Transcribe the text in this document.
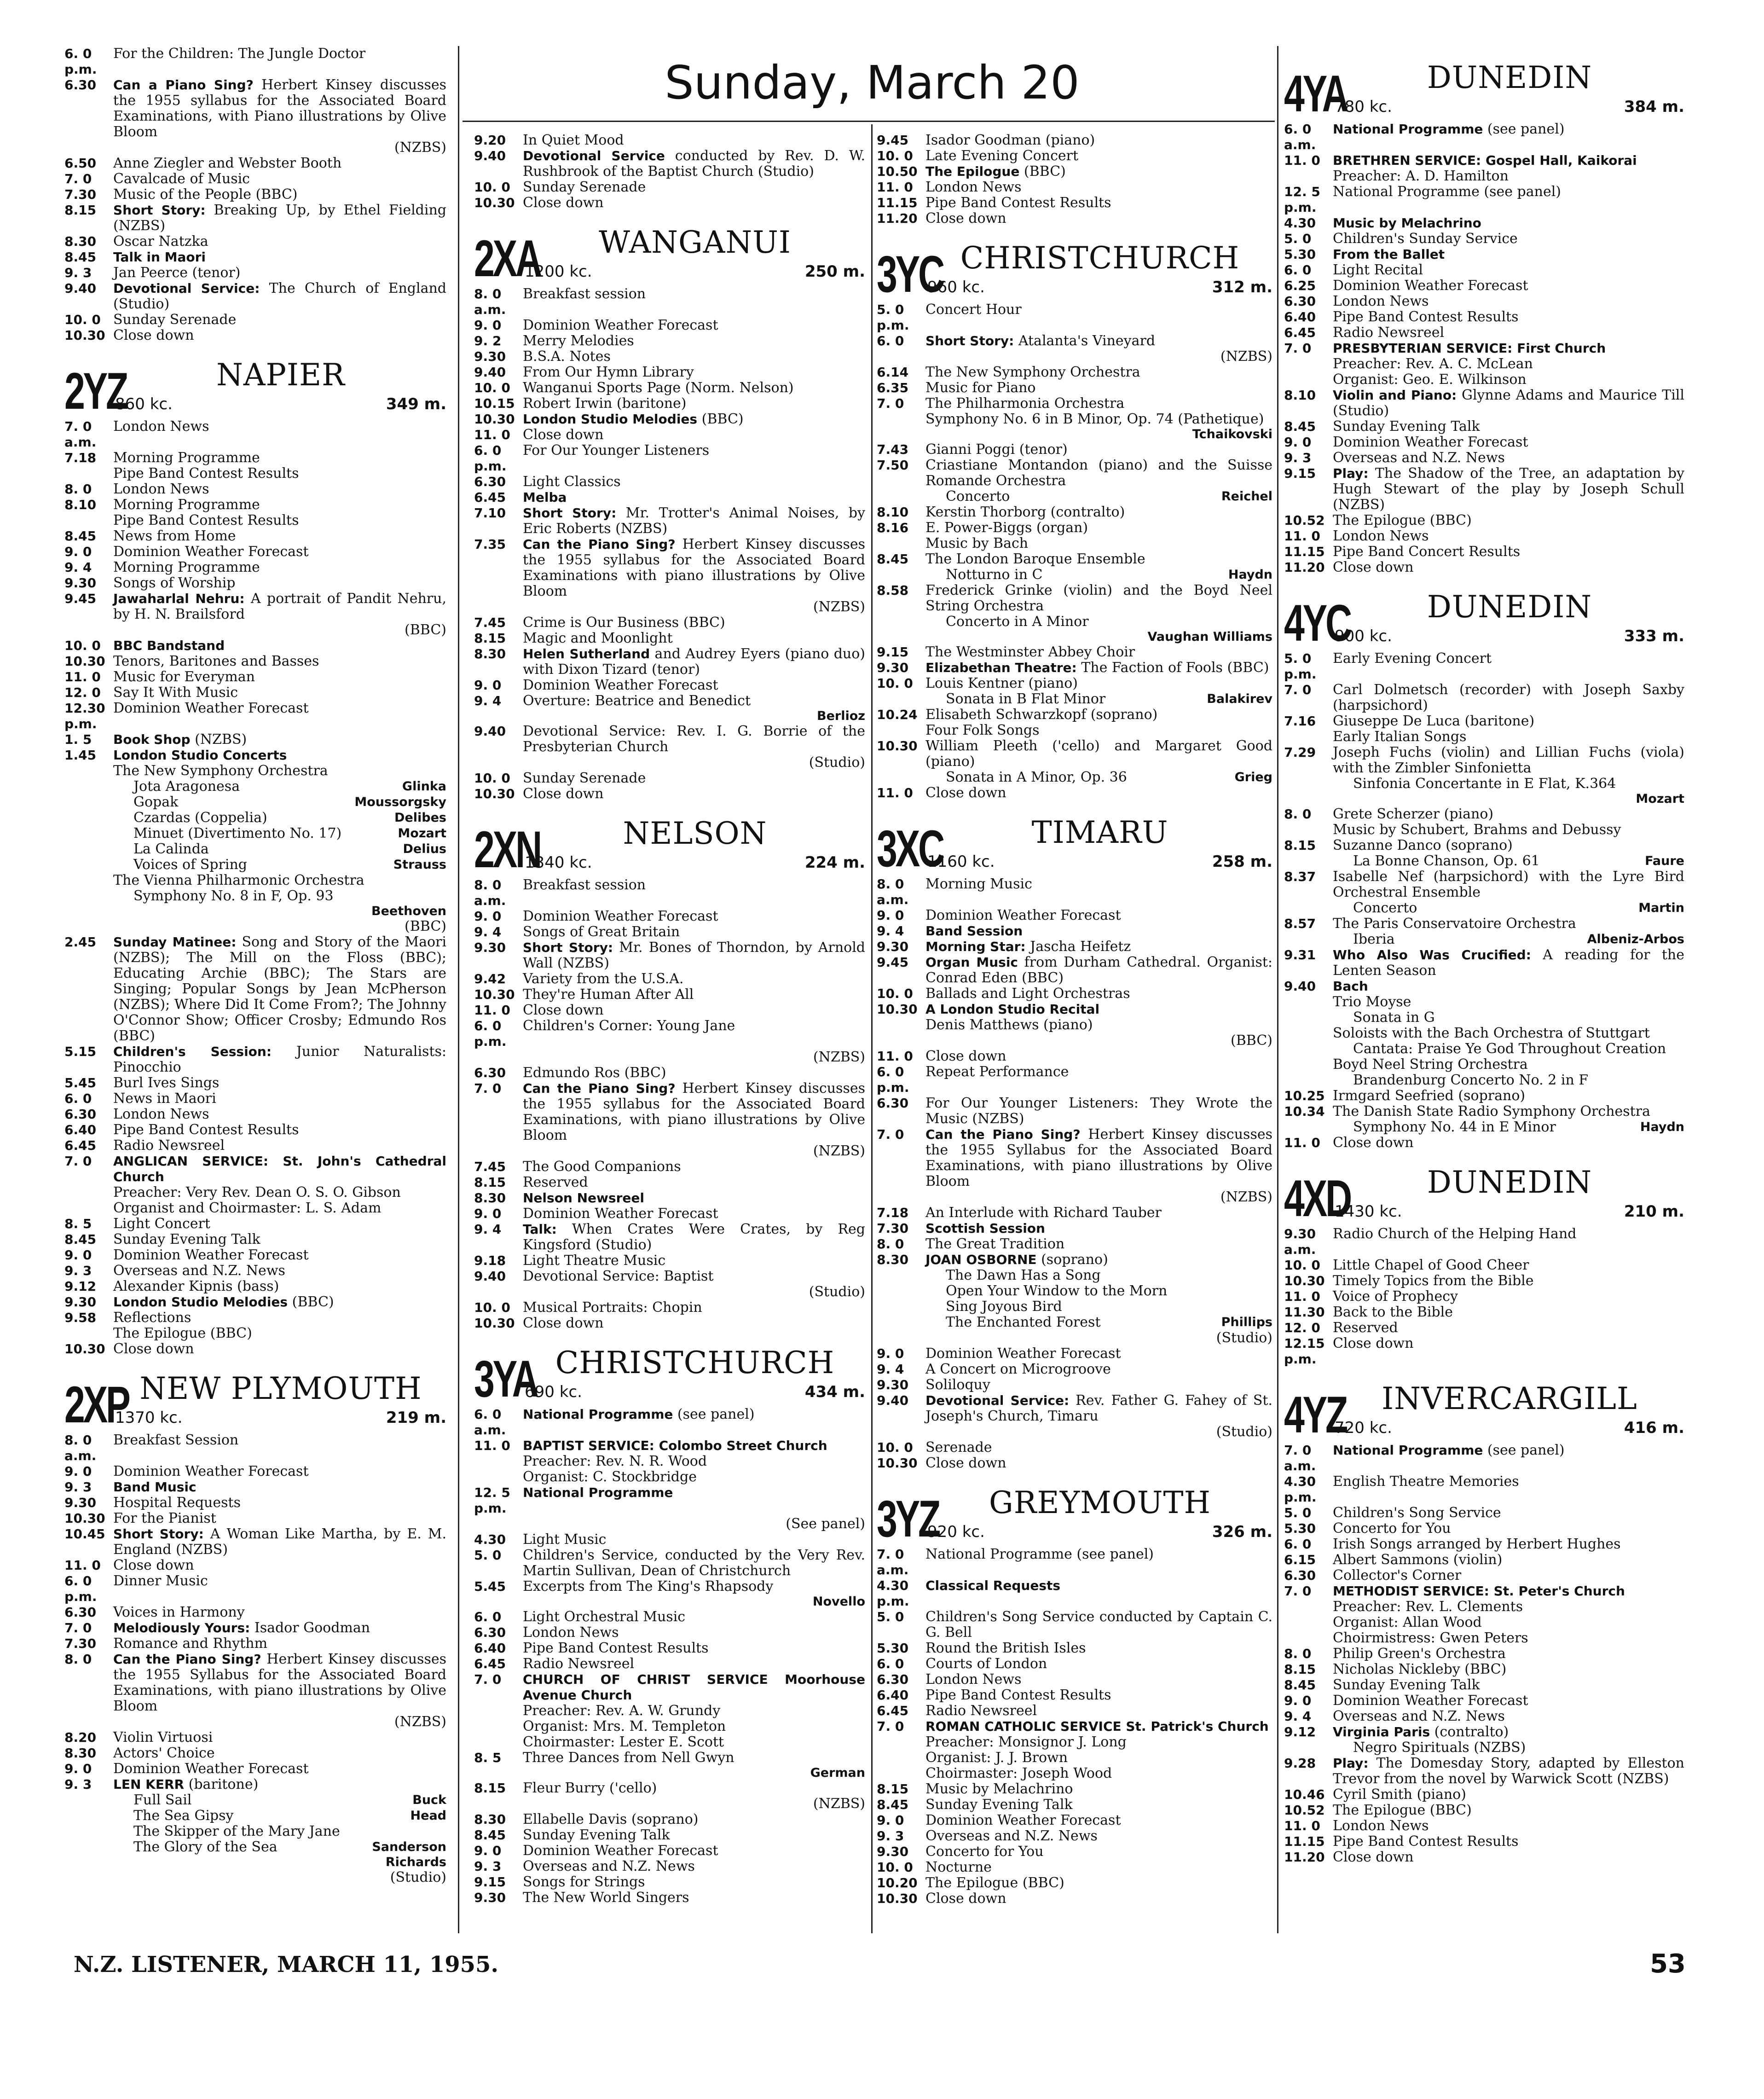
Sunday, March 20
6. 0 p.m.
For the Children: The Jungle Doctor
6.30	Can a Piano Sing? Herbert Kinsey discusses the 1955 syllabus for the Associated Board Examinations, with Piano illustrations by Olive Bloom
(NZBS)
6.50	Anne Ziegler and Webster Booth
7. 0	Cavalcade of Music
7.30	Music of the People (BBC)
8.15	Short Story: Breaking Up, by Ethel Fielding (NZBS)
8.30	Oscar Natzka
8.45	Talk in Maori
9. 3	Jan Peerce (tenor)
9.40	Devotional Service: The Church of England (Studio)
10. 0 Sunday Serenade
10.30 Close down
2YZ	NAPIER
860 kc.	349 m.
7. 0 a.m.
London News
7.18	Morning Programme
Pipe Band Contest Results
8. 0	London News
8.10	Morning Programme
Pipe Band Contest Results
8.45	News from Home
9. 0	Dominion Weather Forecast
9. 4	Morning Programme
9.30	Songs of Worship
9.45	Jawaharlal Nehru: A portrait of Pandit Nehru, by H. N. Brailsford
(BBC)
10. 0 BBC Bandstand
10.30 Tenors, Baritones and Basses
11. 0 Music for Everyman
12. 0 Say It With Music
12.30 p.m.
Dominion Weather Forecast
1. 5	Book Shop (NZBS)
1.45	London Studio Concerts
The New Symphony Orchestra
Jota Aragonesa	Glinka
Gopak	Moussorgsky
Czardas (Coppelia)	Delibes
Minuet (Divertimento No. 17)	Mozart
La Calinda	Delius
Voices of Spring	Strauss
The Vienna Philharmonic Orchestra
Symphony No. 8 in F, Op. 93
Beethoven
(BBC)
2.45	Sunday Matinee: Song and Story of the Maori (NZBS); The Mill on the Floss (BBC); Educating Archie (BBC); The Stars are Singing; Popular Songs by Jean McPherson (NZBS); Where Did It Come From?; The Johnny O'Connor Show; Officer Crosby; Edmundo Ros (BBC)
5.15	Children's Session: Junior Naturalists: Pinocchio
5.45	Burl Ives Sings
6. 0	News in Maori
6.30	London News
6.40	Pipe Band Contest Results
6.45	Radio Newsreel
7. 0	ANGLICAN SERVICE: St. John's Cathedral Church
Preacher: Very Rev. Dean O. S. O. Gibson
Organist and Choirmaster: L. S. Adam
8. 5	Light Concert
8.45	Sunday Evening Talk
9. 0	Dominion Weather Forecast
9. 3	Overseas and N.Z. News
9.12	Alexander Kipnis (bass)
9.30	London Studio Melodies (BBC)
9.58	Reflections
The Epilogue (BBC)
10.30 Close down
2XP NEW PLYMOUTH
1370 kc.	219 m.
8. 0 a.m.
Breakfast Session
9. 0	Dominion Weather Forecast
9. 3	Band Music
9.30	Hospital Requests
10.30 For the Pianist
10.45 Short Story: A Woman Like Martha, by E. M. England (NZBS)
11. 0 Close down
6. 0 p.m.
Dinner Music
6.30	Voices in Harmony
7. 0	Melodiously Yours: Isador Goodman
7.30	Romance and Rhythm
8. 0	Can the Piano Sing? Herbert Kinsey discusses the 1955 Syllabus for the Associated Board Examinations, with piano illustrations by Olive Bloom
(NZBS)
8.20	Violin Virtuosi
8.30	Actors' Choice
9. 0	Dominion Weather Forecast
9. 3	LEN KERR (baritone)
Full Sail	Buck
The Sea Gipsy	Head
The Skipper of the Mary Jane
The Glory of the Sea	Sanderson
Richards
(Studio)
9.20	In Quiet Mood
9.40	Devotional Service conducted by Rev. D. W. Rushbrook of the Baptist Church (Studio)
10. 0 Sunday Serenade
10.30 Close down
2XA	WANGANUI
1200 kc.	250 m.
8. 0 a.m.
Breakfast session
9. 0	Dominion Weather Forecast
9. 2	Merry Melodies
9.30	B.S.A. Notes
9.40	From Our Hymn Library
10. 0 Wanganui Sports Page (Norm. Nelson)
10.15 Robert Irwin (baritone)
10.30 London Studio Melodies (BBC)
11. 0 Close down
6. 0 p.m.
For Our Younger Listeners
6.30	Light Classics
6.45	Melba
7.10	Short Story: Mr. Trotter's Animal Noises, by Eric Roberts (NZBS)
7.35	Can the Piano Sing? Herbert Kinsey discusses the 1955 syllabus for the Associated Board Examinations with piano illustrations by Olive Bloom
(NZBS)
7.45	Crime is Our Business (BBC)
8.15	Magic and Moonlight
8.30	Helen Sutherland and Audrey Eyers (piano duo) with Dixon Tizard (tenor)
9. 0	Dominion Weather Forecast
9. 4	Overture: Beatrice and Benedict
Berlioz
9.40	Devotional Service: Rev. I. G. Borrie of the Presbyterian Church
(Studio)
10. 0 Sunday Serenade
10.30 Close down
2XN	NELSON
1340 kc.	224 m.
8. 0 a.m.
Breakfast session
9. 0	Dominion Weather Forecast
9. 4	Songs of Great Britain
9.30	Short Story: Mr. Bones of Thorndon, by Arnold Wall (NZBS)
9.42	Variety from the U.S.A.
10.30 They're Human After All
11. 0 Close down
6. 0 p.m.
Children's Corner: Young Jane
(NZBS)
6.30	Edmundo Ros (BBC)
7. 0	Can the Piano Sing? Herbert Kinsey discusses the 1955 syllabus for the Associated Board Examinations, with piano illustrations by Olive Bloom
(NZBS)
7.45	The Good Companions
8.15	Reserved
8.30	Nelson Newsreel
9. 0	Dominion Weather Forecast
9. 4	Talk: When Crates Were Crates, by Reg Kingsford (Studio)
9.18	Light Theatre Music
9.40	Devotional Service: Baptist
(Studio)
10. 0 Musical Portraits: Chopin
10.30 Close down
3YA CHRISTCHURCH
690 kc.	434 m.
6. 0 a.m.
National Programme (see panel)
11. 0 BAPTIST SERVICE: Colombo Street Church
Preacher: Rev. N. R. Wood
Organist: C. Stockbridge
12. 5 p.m.
National Programme
(See panel)
4.30	Light Music
5. 0	Children's Service, conducted by the Very Rev. Martin Sullivan, Dean of Christchurch
5.45	Excerpts from The King's Rhapsody
Novello
6. 0	Light Orchestral Music
6.30	London News
6.40	Pipe Band Contest Results
6.45	Radio Newsreel
7. 0	CHURCH OF CHRIST SERVICE Moorhouse Avenue Church
Preacher: Rev. A. W. Grundy
Organist: Mrs. M. Templeton
Choirmaster: Lester E. Scott
8. 5	Three Dances from Nell Gwyn
German
8.15	Fleur Burry ('cello)
(NZBS)
8.30	Ellabelle Davis (soprano)
8.45	Sunday Evening Talk
9. 0	Dominion Weather Forecast
9. 3	Overseas and N.Z. News
9.15	Songs for Strings
9.30	The New World Singers
9.45	Isador Goodman (piano)
10. 0 Late Evening Concert
10.50 The Epilogue (BBC)
11. 0 London News
11.15 Pipe Band Contest Results
11.20 Close down
3YC CHRISTCHURCH
960 kc.	312 m.
5. 0 p.m.
Concert Hour
6. 0	Short Story: Atalanta's Vineyard
(NZBS)
6.14	The New Symphony Orchestra
6.35	Music for Piano
7. 0	The Philharmonia Orchestra
Symphony No. 6 in B Minor, Op. 74 (Pathetique)
Tchaikovski
7.43	Gianni Poggi (tenor)
7.50	Criastiane Montandon (piano) and the Suisse Romande Orchestra
Concerto	Reichel
8.10	Kerstin Thorborg (contralto)
8.16	E. Power-Biggs (organ)
Music by Bach
8.45	The London Baroque Ensemble
Notturno in C	Haydn
8.58	Frederick Grinke (violin) and the Boyd Neel String Orchestra
Concerto in A Minor
Vaughan Williams
9.15	The Westminster Abbey Choir
9.30	Elizabethan Theatre: The Faction of Fools (BBC)
10. 0 Louis Kentner (piano)
Sonata in B Flat Minor	Balakirev
10.24 Elisabeth Schwarzkopf (soprano)
Four Folk Songs
10.30 William Pleeth ('cello) and Margaret Good (piano)
Sonata in A Minor, Op. 36	Grieg
11. 0 Close down
3XC	TIMARU
1160 kc.	258 m.
8. 0 a.m.
Morning Music
9. 0	Dominion Weather Forecast
9. 4	Band Session
9.30	Morning Star: Jascha Heifetz
9.45	Organ Music from Durham Cathedral. Organist: Conrad Eden (BBC)
10. 0 Ballads and Light Orchestras
10.30 A London Studio Recital
Denis Matthews (piano)
(BBC)
11. 0 Close down
6. 0 p.m.
Repeat Performance
6.30	For Our Younger Listeners: They Wrote the Music (NZBS)
7. 0	Can the Piano Sing? Herbert Kinsey discusses the 1955 Syllabus for the Associated Board Examinations, with piano illustrations by Olive Bloom
(NZBS)
7.18	An Interlude with Richard Tauber
7.30	Scottish Session
8. 0	The Great Tradition
8.30	JOAN OSBORNE (soprano)
The Dawn Has a Song
Open Your Window to the Morn
Sing Joyous Bird
The Enchanted Forest	Phillips
(Studio)
9. 0	Dominion Weather Forecast
9. 4	A Concert on Microgroove
9.30	Soliloquy
9.40	Devotional Service: Rev. Father G. Fahey of St. Joseph's Church, Timaru
(Studio)
10. 0 Serenade
10.30 Close down
3YZ	GREYMOUTH
920 kc.	326 m.
7. 0 a.m.
National Programme (see panel)
4.30 p.m.
Classical Requests
5. 0	Children's Song Service conducted by Captain C. G. Bell
5.30	Round the British Isles
6. 0	Courts of London
6.30	London News
6.40	Pipe Band Contest Results
6.45	Radio Newsreel
7. 0	ROMAN CATHOLIC SERVICE St. Patrick's Church
Preacher: Monsignor J. Long
Organist: J. J. Brown
Choirmaster: Joseph Wood
8.15	Music by Melachrino
8.45	Sunday Evening Talk
9. 0	Dominion Weather Forecast
9. 3	Overseas and N.Z. News
9.30	Concerto for You
10. 0 Nocturne
10.20 The Epilogue (BBC)
10.30 Close down
4YA	DUNEDIN
780 kc.	384 m.
6. 0 a.m.
National Programme (see panel)
11. 0 BRETHREN SERVICE: Gospel Hall, Kaikorai
Preacher: A. D. Hamilton
12. 5 p.m.
National Programme (see panel)
4.30	Music by Melachrino
5. 0	Children's Sunday Service
5.30	From the Ballet
6. 0	Light Recital
6.25	Dominion Weather Forecast
6.30	London News
6.40	Pipe Band Contest Results
6.45	Radio Newsreel
7. 0	PRESBYTERIAN SERVICE: First Church
Preacher: Rev. A. C. McLean
Organist: Geo. E. Wilkinson
8.10	Violin and Piano: Glynne Adams and Maurice Till (Studio)
8.45	Sunday Evening Talk
9. 0	Dominion Weather Forecast
9. 3	Overseas and N.Z. News
9.15	Play: The Shadow of the Tree, an adaptation by Hugh Stewart of the play by Joseph Schull (NZBS)
10.52 The Epilogue (BBC)
11. 0 London News
11.15 Pipe Band Concert Results
11.20 Close down
4YC	DUNEDIN
900 kc.	333 m.
5. 0 p.m.
Early Evening Concert
7. 0	Carl Dolmetsch (recorder) with Joseph Saxby (harpsichord)
7.16	Giuseppe De Luca (baritone)
Early Italian Songs
7.29	Joseph Fuchs (violin) and Lillian Fuchs (viola) with the Zimbler Sinfonietta
Sinfonia Concertante in E Flat, K.364
Mozart
8. 0	Grete Scherzer (piano)
Music by Schubert, Brahms and Debussy
8.15	Suzanne Danco (soprano)
La Bonne Chanson, Op. 61	Faure
8.37	Isabelle Nef (harpsichord) with the Lyre Bird Orchestral Ensemble
Concerto	Martin
8.57	The Paris Conservatoire Orchestra
Iberia	Albeniz-Arbos
9.31	Who Also Was Crucified: A reading for the Lenten Season
9.40	Bach
Trio Moyse
Sonata in G
Soloists with the Bach Orchestra of Stuttgart
Cantata: Praise Ye God Throughout Creation
Boyd Neel String Orchestra
Brandenburg Concerto No. 2 in F
10.25 Irmgard Seefried (soprano)
10.34 The Danish State Radio Symphony Orchestra
Symphony No. 44 in E Minor	Haydn
11. 0 Close down
4XD	DUNEDIN
1430 kc.	210 m.
9.30 a.m.
Radio Church of the Helping Hand
10. 0 Little Chapel of Good Cheer
10.30 Timely Topics from the Bible
11. 0 Voice of Prophecy
11.30 Back to the Bible
12. 0 Reserved
12.15 p.m.
Close down
4YZ	INVERCARGILL
720 kc.	416 m.
7. 0 a.m.
National Programme (see panel)
4.30 p.m.
English Theatre Memories
5. 0	Children's Song Service
5.30	Concerto for You
6. 0	Irish Songs arranged by Herbert Hughes
6.15	Albert Sammons (violin)
6.30	Collector's Corner
7. 0	METHODIST SERVICE: St. Peter's Church
Preacher: Rev. L. Clements
Organist: Allan Wood
Choirmistress: Gwen Peters
8. 0	Philip Green's Orchestra
8.15	Nicholas Nickleby (BBC)
8.45	Sunday Evening Talk
9. 0	Dominion Weather Forecast
9. 4	Overseas and N.Z. News
9.12	Virginia Paris (contralto)
Negro Spirituals (NZBS)
9.28	Play: The Domesday Story, adapted by Elleston Trevor from the novel by Warwick Scott (NZBS)
10.46 Cyril Smith (piano)
10.52 The Epilogue (BBC)
11. 0 London News
11.15 Pipe Band Contest Results
11.20 Close down
N.Z. LISTENER, MARCH 11, 1955.	53
